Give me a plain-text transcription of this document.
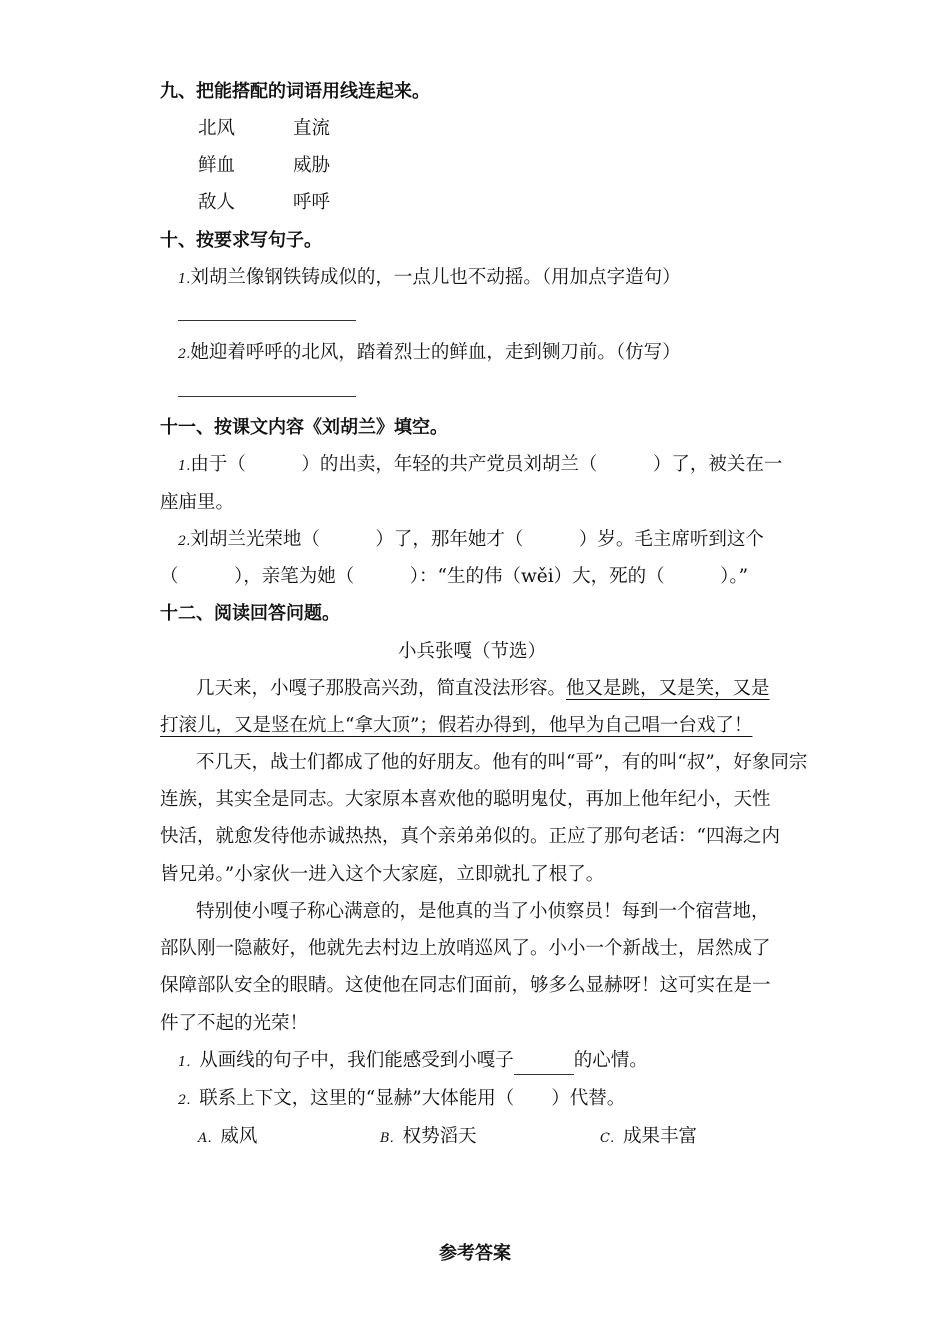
九、把能搭配的词语用线连起来。
北风	直流
鲜血	威胁
敌人	呼呼
十、按要求写句子。
1.刘胡兰像钢铁铸成似的，一点儿也不动摇。（用加点字造句）
2.她迎着呼呼的北风，踏着烈士的鲜血，走到铡刀前。（仿写）
十一、按课文内容《刘胡兰》填空。
1.由于（　　　）的出卖，年轻的共产党员刘胡兰（　　　）了，被关在一
座庙里。
2.刘胡兰光荣地（　　　）了，那年她才（　　　）岁。毛主席听到这个
（　　　），亲笔为她（　　　）：“生的伟（wěi）大，死的（　　　）。”
十二、阅读回答问题。
小兵张嘎（节选）
几天来，小嘎子那股高兴劲，简直没法形容。他又是跳，又是笑，又是
打滚儿，又是竖在炕上“拿大顶”；假若办得到，他早为自己唱一台戏了！
不几天，战士们都成了他的好朋友。他有的叫“哥”，有的叫“叔”，好象同宗
连族，其实全是同志。大家原本喜欢他的聪明鬼仗，再加上他年纪小，天性
快活，就愈发待他赤诚热热，真个亲弟弟似的。正应了那句老话：“四海之内
皆兄弟。”小家伙一进入这个大家庭，立即就扎了根了。
特别使小嘎子称心满意的，是他真的当了小侦察员！每到一个宿营地，
部队刚一隐蔽好，他就先去村边上放哨巡风了。小小一个新战士，居然成了
保障部队安全的眼睛。这使他在同志们面前，够多么显赫呀！这可实在是一
件了不起的光荣！
1．从画线的句子中，我们能感受到小嘎子	的心情。
2．联系上下文，这里的“显赫”大体能用（　　）代替。
A．威风	B．权势滔天	C．成果丰富
参考答案
